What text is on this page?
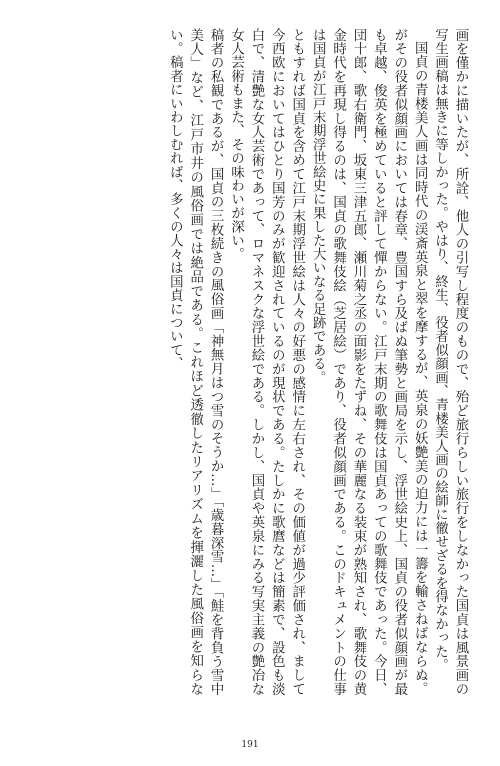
画を僅かに描いたが、所詮、他人の引写し程度のもので、殆ど旅行らしい旅行をしなかった国貞は風景画の写生画稿は無きに等しかった。やはり、終生、役者似顔画、青楼美人画の絵師に徹せざるを得なかった。

国貞の青楼美人画は同時代の渓斎英泉と翠を摩するが、英泉の妖艶美の迫力には一籌を輸さねばならぬ。がその役者似顔画においては春章、豊国すら及ばぬ筆勢と画局を示し、浮世絵史上、国貞の役者似顔画が最も卓越、俊英を極めていると評して憚からない。江戸末期の歌舞伎は国貞あっての歌舞伎であった。今日、団十郎、歌右衛門、坂東三津五郎、瀬川菊之丞の面影をたずね、その華麗なる装束が熟知され、歌舞伎の黄金時代を再現し得るのは、国貞の歌舞伎絵（芝居絵）であり、役者似顔画である。このドキュメントの仕事は国貞が江戸末期浮世絵史に果した大いなる足跡である。

ともすれば国貞を含めて江戸末期浮世絵は人々の好悪の感情に左右され、その価値が過少評価され、まして今西欧においてはひとり国芳のみが歓迎されているのが現状である。たしかに歌麿などは簡素で、設色も淡白で、清艶な女人芸術であって、ロマネスクな浮世絵である。しかし、国貞や英泉にみる写実主義の艶冶な女人芸術もまた、その味わいが深い。

稿者の私観であるが、国貞の三枚続きの風俗画「神無月はつ雪のそうか…」「歳暮深雪…」「鮭を背負う雪中美人」など、江戸市井の風俗画では絶品である。これほど透徹したリアリズムを揮灑した風俗画を知らない。稿者にいわしむれば、多くの人々は国貞について、

191
